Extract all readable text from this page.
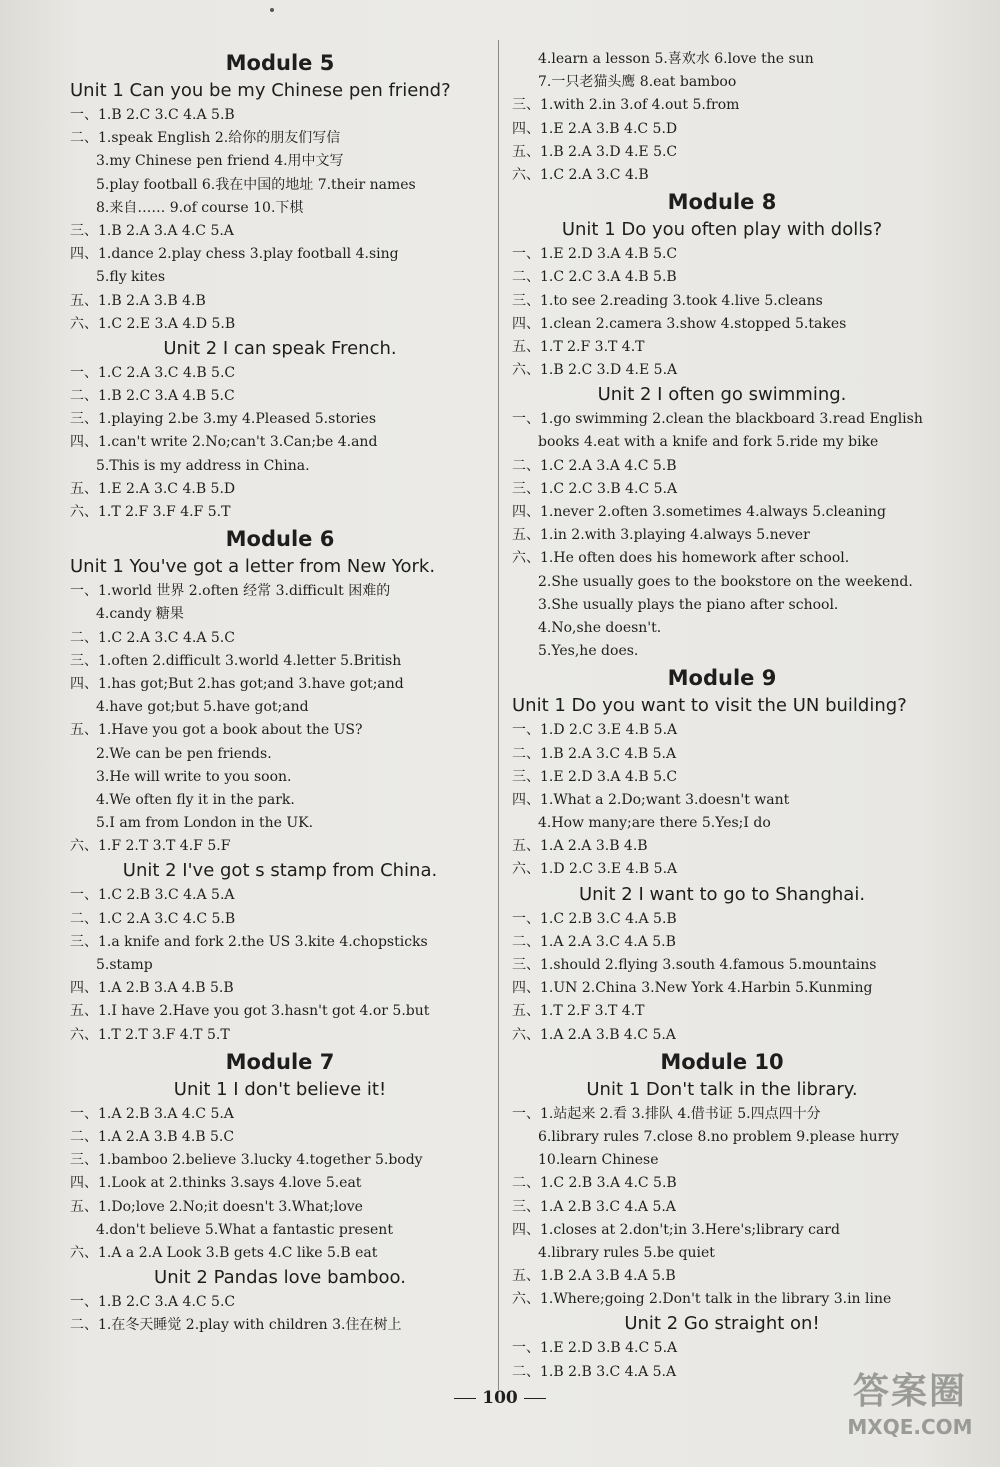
Module 5
Unit 1 Can you be my Chinese pen friend?
一、1.B 2.C 3.C 4.A 5.B
二、1.speak English 2.给你的朋友们写信
3.my Chinese pen friend 4.用中文写
5.play football 6.我在中国的地址 7.their names
8.来自…… 9.of course 10.下棋
三、1.B 2.A 3.A 4.C 5.A
四、1.dance 2.play chess 3.play football 4.sing
5.fly kites
五、1.B 2.A 3.B 4.B
六、1.C 2.E 3.A 4.D 5.B
Unit 2 I can speak French.
一、1.C 2.A 3.C 4.B 5.C
二、1.B 2.C 3.A 4.B 5.C
三、1.playing 2.be 3.my 4.Pleased 5.stories
四、1.can't write 2.No;can't 3.Can;be 4.and
5.This is my address in China.
五、1.E 2.A 3.C 4.B 5.D
六、1.T 2.F 3.F 4.F 5.T
Module 6
Unit 1 You've got a letter from New York.
一、1.world 世界 2.often 经常 3.difficult 困难的
4.candy 糖果
二、1.C 2.A 3.C 4.A 5.C
三、1.often 2.difficult 3.world 4.letter 5.British
四、1.has got;But 2.has got;and 3.have got;and
4.have got;but 5.have got;and
五、1.Have you got a book about the US?
2.We can be pen friends.
3.He will write to you soon.
4.We often fly it in the park.
5.I am from London in the UK.
六、1.F 2.T 3.T 4.F 5.F
Unit 2 I've got s stamp from China.
一、1.C 2.B 3.C 4.A 5.A
二、1.C 2.A 3.C 4.C 5.B
三、1.a knife and fork 2.the US 3.kite 4.chopsticks
5.stamp
四、1.A 2.B 3.A 4.B 5.B
五、1.I have 2.Have you got 3.hasn't got 4.or 5.but
六、1.T 2.T 3.F 4.T 5.T
Module 7
Unit 1 I don't believe it!
一、1.A 2.B 3.A 4.C 5.A
二、1.A 2.A 3.B 4.B 5.C
三、1.bamboo 2.believe 3.lucky 4.together 5.body
四、1.Look at 2.thinks 3.says 4.love 5.eat
五、1.Do;love 2.No;it doesn't 3.What;love
4.don't believe 5.What a fantastic present
六、1.A a 2.A Look 3.B gets 4.C like 5.B eat
Unit 2 Pandas love bamboo.
一、1.B 2.C 3.A 4.C 5.C
二、1.在冬天睡觉 2.play with children 3.住在树上
4.learn a lesson 5.喜欢水 6.love the sun
7.一只老猫头鹰 8.eat bamboo
三、1.with 2.in 3.of 4.out 5.from
四、1.E 2.A 3.B 4.C 5.D
五、1.B 2.A 3.D 4.E 5.C
六、1.C 2.A 3.C 4.B
Module 8
Unit 1 Do you often play with dolls?
一、1.E 2.D 3.A 4.B 5.C
二、1.C 2.C 3.A 4.B 5.B
三、1.to see 2.reading 3.took 4.live 5.cleans
四、1.clean 2.camera 3.show 4.stopped 5.takes
五、1.T 2.F 3.T 4.T
六、1.B 2.C 3.D 4.E 5.A
Unit 2 I often go swimming.
一、1.go swimming 2.clean the blackboard 3.read English
books 4.eat with a knife and fork 5.ride my bike
二、1.C 2.A 3.A 4.C 5.B
三、1.C 2.C 3.B 4.C 5.A
四、1.never 2.often 3.sometimes 4.always 5.cleaning
五、1.in 2.with 3.playing 4.always 5.never
六、1.He often does his homework after school.
2.She usually goes to the bookstore on the weekend.
3.She usually plays the piano after school.
4.No,she doesn't.
5.Yes,he does.
Module 9
Unit 1 Do you want to visit the UN building?
一、1.D 2.C 3.E 4.B 5.A
二、1.B 2.A 3.C 4.B 5.A
三、1.E 2.D 3.A 4.B 5.C
四、1.What a 2.Do;want 3.doesn't want
4.How many;are there 5.Yes;I do
五、1.A 2.A 3.B 4.B
六、1.D 2.C 3.E 4.B 5.A
Unit 2 I want to go to Shanghai.
一、1.C 2.B 3.C 4.A 5.B
二、1.A 2.A 3.C 4.A 5.B
三、1.should 2.flying 3.south 4.famous 5.mountains
四、1.UN 2.China 3.New York 4.Harbin 5.Kunming
五、1.T 2.F 3.T 4.T
六、1.A 2.A 3.B 4.C 5.A
Module 10
Unit 1 Don't talk in the library.
一、1.站起来 2.看 3.排队 4.借书证 5.四点四十分
6.library rules 7.close 8.no problem 9.please hurry
10.learn Chinese
二、1.C 2.B 3.A 4.C 5.B
三、1.A 2.B 3.C 4.A 5.A
四、1.closes at 2.don't;in 3.Here's;library card
4.library rules 5.be quiet
五、1.B 2.A 3.B 4.A 5.B
六、1.Where;going 2.Don't talk in the library 3.in line
Unit 2 Go straight on!
一、1.E 2.D 3.B 4.C 5.A
二、1.B 2.B 3.C 4.A 5.A
100	答案圈
MXQE.COM
